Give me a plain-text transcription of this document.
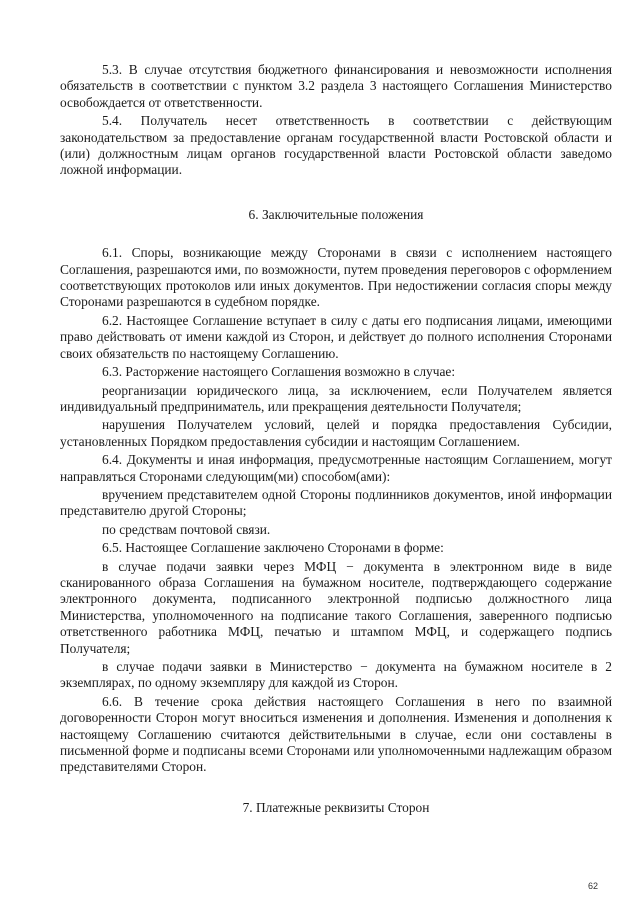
5.3. В случае отсутствия бюджетного финансирования и невозможности исполнения обязательств в соответствии с пунктом 3.2 раздела 3 настоящего Соглашения Министерство освобождается от ответственности.

5.4. Получатель несет ответственность в соответствии с действующим законодательством за предоставление органам государственной власти Ростовской области и (или) должностным лицам органов государственной власти Ростовской области заведомо ложной информации.

6. Заключительные положения

6.1. Споры, возникающие между Сторонами в связи с исполнением настоящего Соглашения, разрешаются ими, по возможности, путем проведения переговоров с оформлением соответствующих протоколов или иных документов. При недостижении согласия споры между Сторонами разрешаются в судебном порядке.

6.2. Настоящее Соглашение вступает в силу с даты его подписания лицами, имеющими право действовать от имени каждой из Сторон, и действует до полного исполнения Сторонами своих обязательств по настоящему Соглашению.

6.3. Расторжение настоящего Соглашения возможно в случае:

реорганизации юридического лица, за исключением, если Получателем является индивидуальный предприниматель, или прекращения деятельности Получателя;

нарушения Получателем условий, целей и порядка предоставления Субсидии, установленных Порядком предоставления субсидии и настоящим Соглашением.

6.4. Документы и иная информация, предусмотренные настоящим Соглашением, могут направляться Сторонами следующим(ми) способом(ами):

вручением представителем одной Стороны подлинников документов, иной информации представителю другой Стороны;

по средствам почтовой связи.

6.5. Настоящее Соглашение заключено Сторонами в форме:

в случае подачи заявки через МФЦ − документа в электронном виде в виде сканированного образа Соглашения на бумажном носителе, подтверждающего содержание электронного документа, подписанного электронной подписью должностного лица Министерства, уполномоченного на подписание такого Соглашения, заверенного подписью ответственного работника МФЦ, печатью и штампом МФЦ, и содержащего подпись Получателя;

в случае подачи заявки в Министерство − документа на бумажном носителе в 2 экземплярах, по одному экземпляру для каждой из Сторон.

6.6. В течение срока действия настоящего Соглашения в него по взаимной договоренности Сторон могут вноситься изменения и дополнения. Изменения и дополнения к настоящему Соглашению считаются действительными в случае, если они составлены в письменной форме и подписаны всеми Сторонами или уполномоченными надлежащим образом представителями Сторон.

7. Платежные реквизиты Сторон

62
